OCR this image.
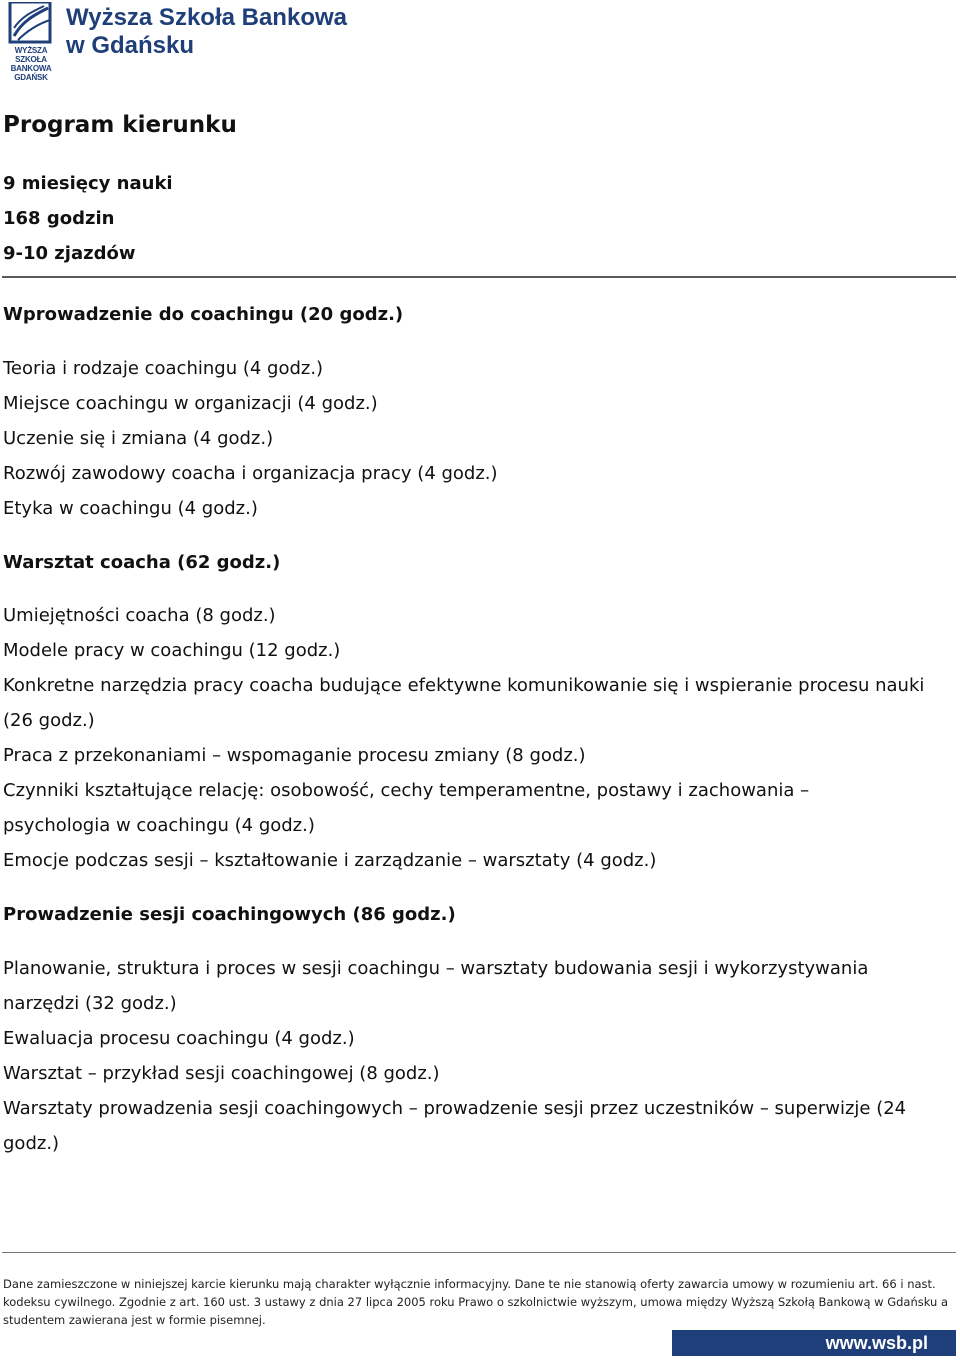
WYŻSZA SZKOŁA
BANKOWA
GDAŃSK
Wyższa Szkoła Bankowa
w Gdańsku
Program kierunku
9 miesięcy nauki
168 godzin
9-10 zjazdów
Wprowadzenie do coachingu (20 godz.)
Teoria i rodzaje coachingu (4 godz.)
Miejsce coachingu w organizacji (4 godz.)
Uczenie się i zmiana (4 godz.)
Rozwój zawodowy coacha i organizacja pracy (4 godz.)
Etyka w coachingu (4 godz.)
Warsztat coacha (62 godz.)
Umiejętności coacha (8 godz.)
Modele pracy w coachingu (12 godz.)
Konkretne narzędzia pracy coacha budujące efektywne komunikowanie się i wspieranie procesu nauki (26 godz.)
Praca z przekonaniami – wspomaganie procesu zmiany (8 godz.)
Czynniki kształtujące relację: osobowość, cechy temperamentne, postawy i zachowania – psychologia w coachingu (4 godz.)
Emocje podczas sesji – kształtowanie i zarządzanie – warsztaty (4 godz.)
Prowadzenie sesji coachingowych (86 godz.)
Planowanie, struktura i proces w sesji coachingu – warsztaty budowania sesji i wykorzystywania narzędzi (32 godz.)
Ewaluacja procesu coachingu (4 godz.)
Warsztat – przykład sesji coachingowej (8 godz.)
Warsztaty prowadzenia sesji coachingowych – prowadzenie sesji przez uczestników – superwizje (24 godz.)
Dane zamieszczone w niniejszej karcie kierunku mają charakter wyłącznie informacyjny. Dane te nie stanowią oferty zawarcia umowy w rozumieniu art. 66 i nast. kodeksu cywilnego. Zgodnie z art. 160 ust. 3 ustawy z dnia 27 lipca 2005 roku Prawo o szkolnictwie wyższym, umowa między Wyższą Szkołą Bankową w Gdańsku a studentem zawierana jest w formie pisemnej.
www.wsb.pl
